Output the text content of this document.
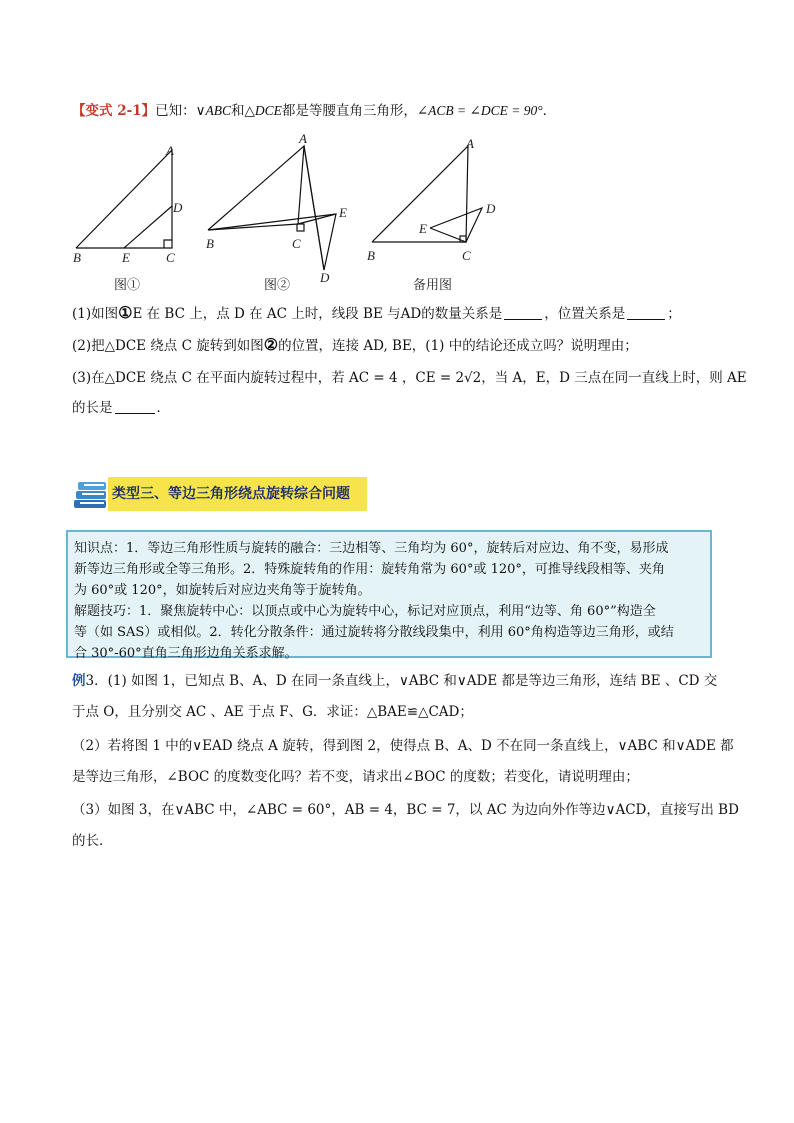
【变式 2-1】已知：∨ABC和△DCE都是等腰直角三角形，∠ACB = ∠DCE = 90°．
A
D
B	E	C
A
E
B	C
D
A
D
E
B	C
图①	图②	备用图
(1)如图①E 在 BC 上，点 D 在 AC 上时，线段 BE 与AD的数量关系是	，位置关系是	；
(2)把△DCE 绕点 C 旋转到如图②的位置，连接 AD, BE，(1) 中的结论还成立吗？说明理由；
(3)在△DCE 绕点 C 在平面内旋转过程中，若 AC = 4 ，CE = 2√2，当 A，E，D 三点在同一直线上时，则 AE
的长是	．
类型三、等边三角形绕点旋转综合问题
知识点：1．等边三角形性质与旋转的融合：三边相等、三角均为 60°，旋转后对应边、角不变，易形成
新等边三角形或全等三角形。2．特殊旋转角的作用：旋转角常为 60°或 120°，可推导线段相等、夹角
为 60°或 120°，如旋转后对应边夹角等于旋转角。
解题技巧：1．聚焦旋转中心：以顶点或中心为旋转中心，标记对应顶点，利用“边等、角 60°”构造全
等（如 SAS）或相似。2．转化分散条件：通过旋转将分散线段集中，利用 60°角构造等边三角形，或结
合 30°-60°直角三角形边角关系求解。
例3．(1) 如图 1，已知点 B、A、D 在同一条直线上，∨ABC 和∨ADE 都是等边三角形，连结 BE 、CD 交
于点 O，且分别交 AC 、AE 于点 F、G．求证：△BAE≌△CAD；
（2）若将图 1 中的∨EAD 绕点 A 旋转，得到图 2，使得点 B、A、D 不在同一条直线上，∨ABC 和∨ADE 都
是等边三角形，∠BOC 的度数变化吗？若不变，请求出∠BOC 的度数；若变化，请说明理由；
（3）如图 3，在∨ABC 中，∠ABC = 60°，AB = 4，BC = 7，以 AC 为边向外作等边∨ACD，直接写出 BD
的长．
